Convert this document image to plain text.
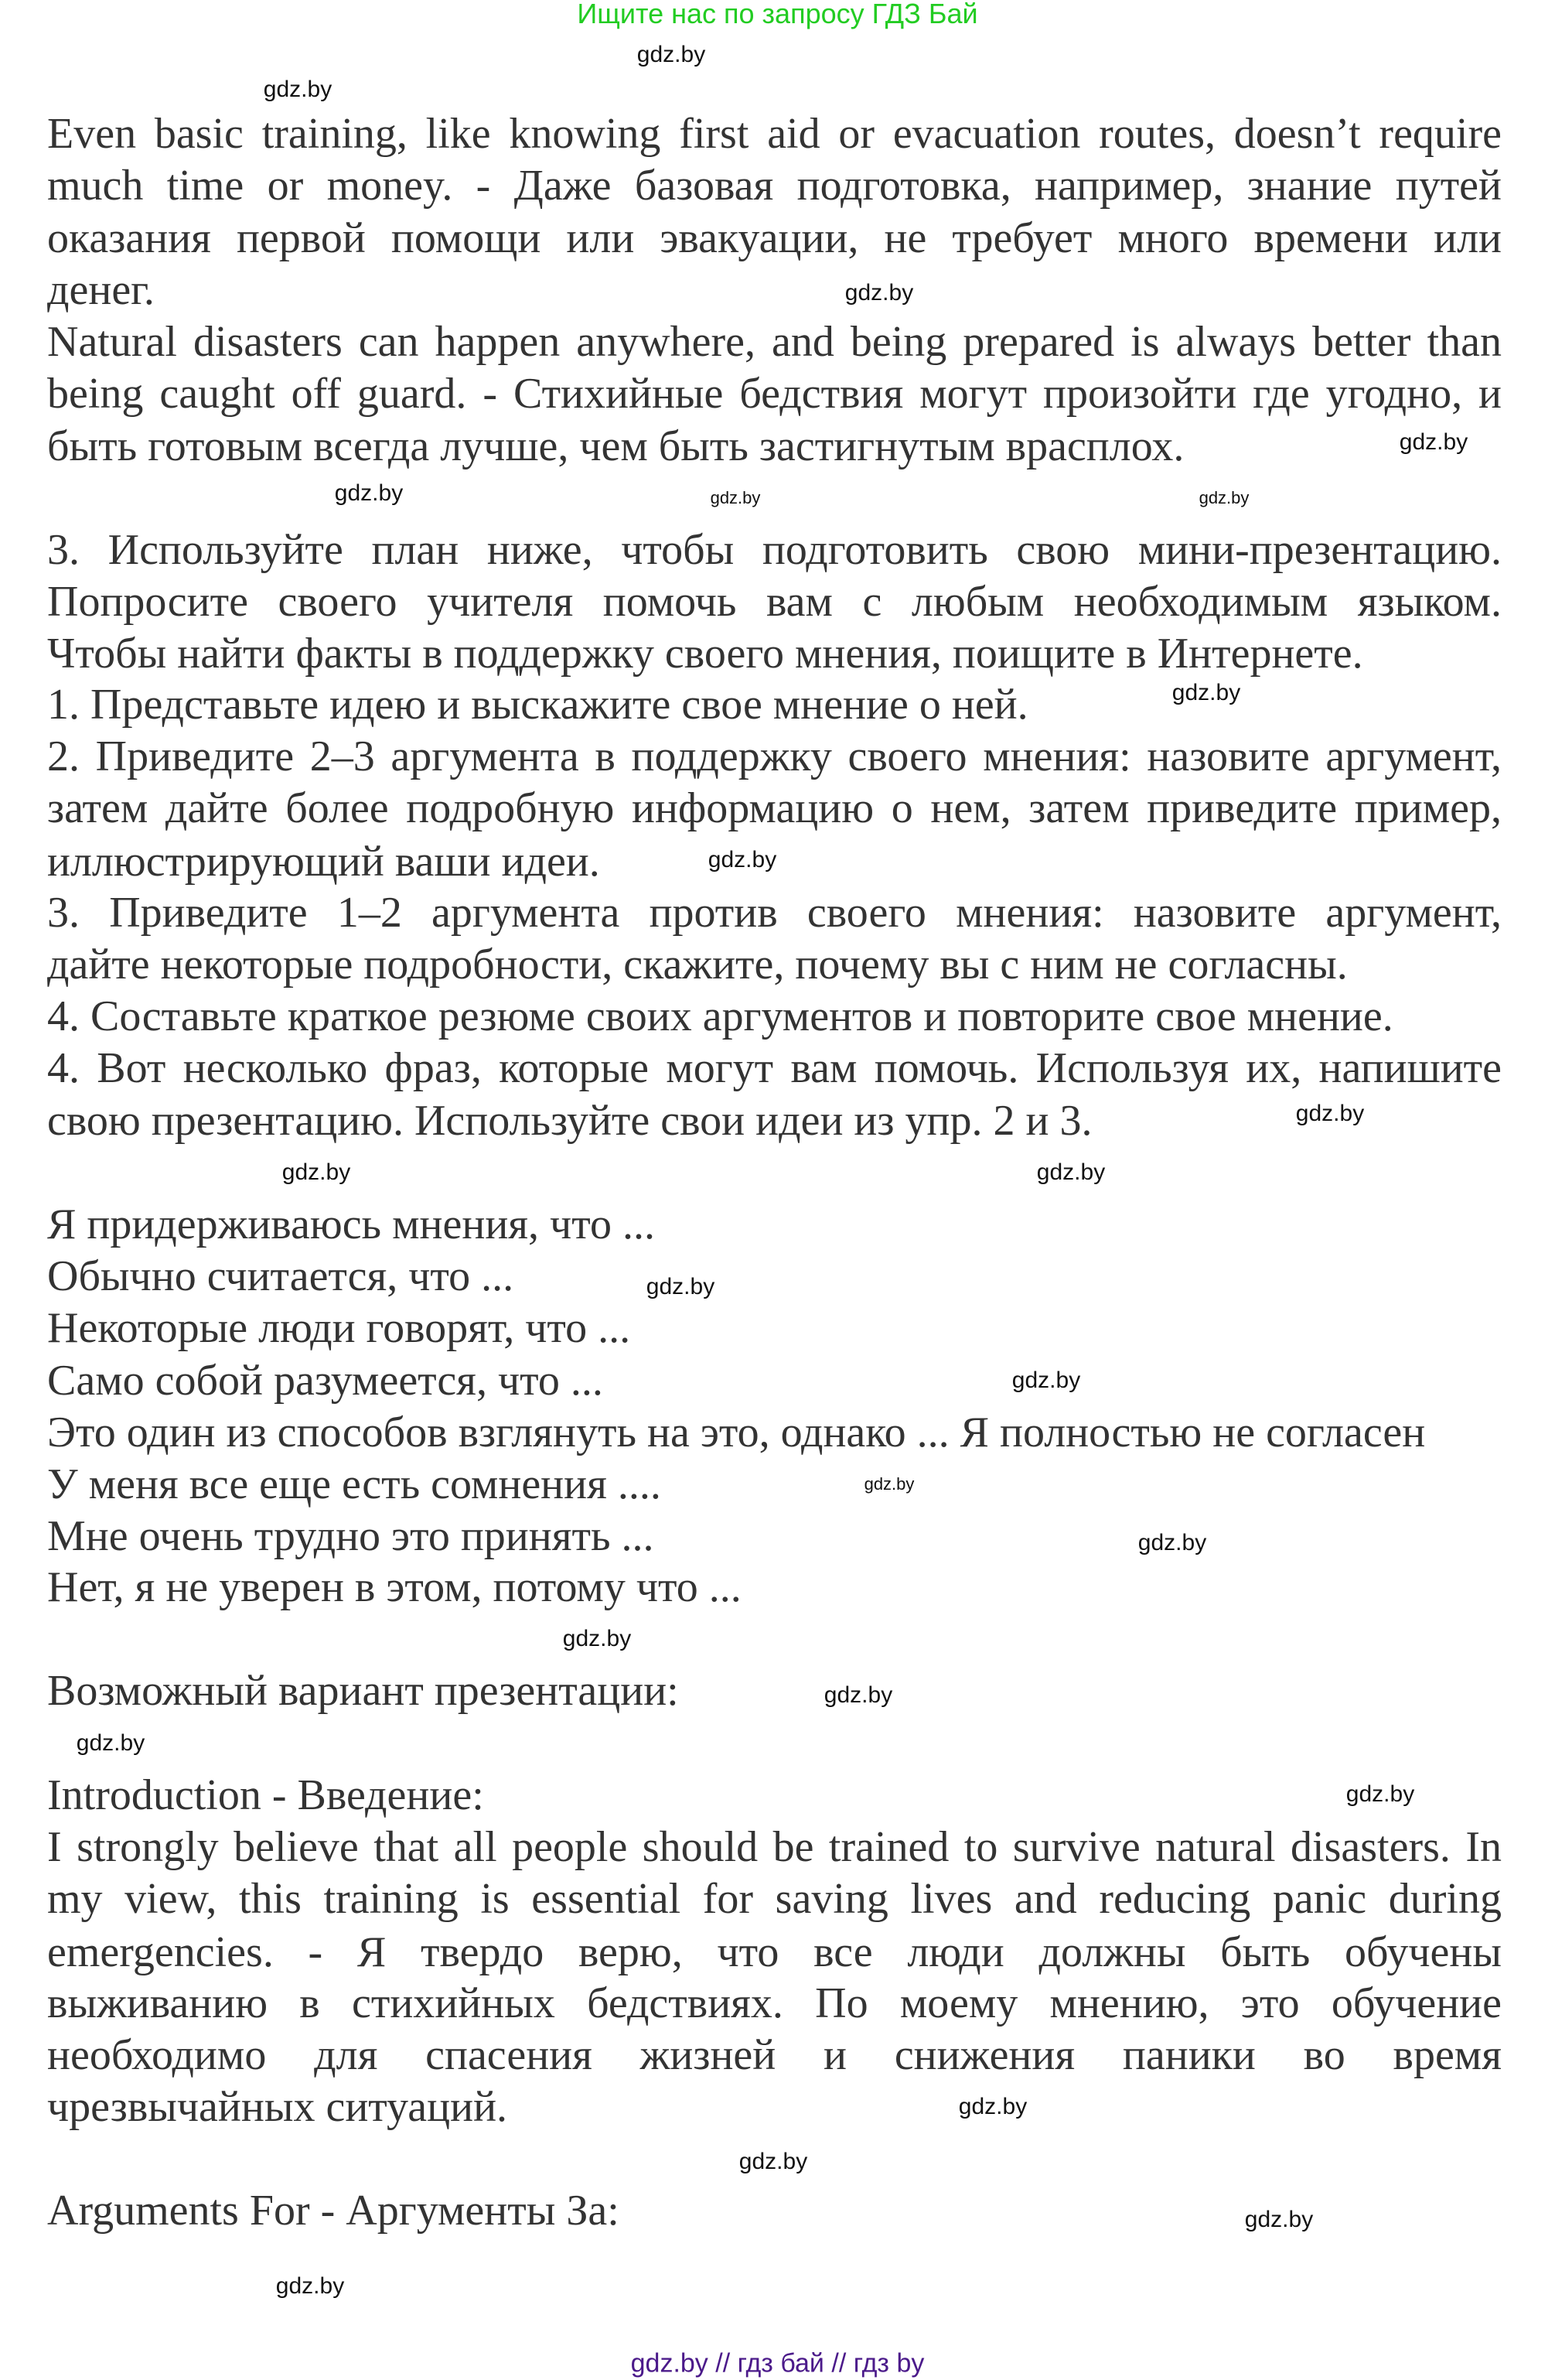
Ищите нас по запросу ГДЗ Бай
Even basic training, like knowing first aid or evacuation routes, doesn’t require
much time or money. - Даже базовая подготовка, например, знание путей
оказания первой помощи или эвакуации, не требует много времени или
денег.
Natural disasters can happen anywhere, and being prepared is always better than
being caught off guard. - Стихийные бедствия могут произойти где угодно, и
быть готовым всегда лучше, чем быть застигнутым врасплох.
3. Используйте план ниже, чтобы подготовить свою мини-презентацию.
Попросите своего учителя помочь вам с любым необходимым языком.
Чтобы найти факты в поддержку своего мнения, поищите в Интернете.
1. Представьте идею и выскажите свое мнение о ней.
2. Приведите 2–3 аргумента в поддержку своего мнения: назовите аргумент,
затем дайте более подробную информацию о нем, затем приведите пример,
иллюстрирующий ваши идеи.
3. Приведите 1–2 аргумента против своего мнения: назовите аргумент,
дайте некоторые подробности, скажите, почему вы с ним не согласны.
4. Составьте краткое резюме своих аргументов и повторите свое мнение.
4. Вот несколько фраз, которые могут вам помочь. Используя их, напишите
свою презентацию. Используйте свои идеи из упр. 2 и 3.
Я придерживаюсь мнения, что ...
Обычно считается, что ...
Некоторые люди говорят, что ...
Само собой разумеется, что ...
Это один из способов взглянуть на это, однако ... Я полностью не согласен
У меня все еще есть сомнения ....
Мне очень трудно это принять ...
Нет, я не уверен в этом, потому что ...
Возможный вариант презентации:
Introduction - Введение:
I strongly believe that all people should be trained to survive natural disasters. In
my view, this training is essential for saving lives and reducing panic during
emergencies. - Я твердо верю, что все люди должны быть обучены
выживанию в стихийных бедствиях. По моему мнению, это обучение
необходимо для спасения жизней и снижения паники во время
чрезвычайных ситуаций.
Arguments For - Аргументы За:
gdz.by
gdz.by
gdz.by
gdz.by
gdz.by
gdz.by	gdz.by
gdz.by
gdz.by
gdz.by
gdz.by
gdz.by
gdz.by
gdz.by
gdz.by
gdz.by
gdz.by
gdz.by
gdz.by
gdz.by
gdz.by
gdz.by
gdz.by
gdz.by
gdz.by // гдз бай // гдз by
